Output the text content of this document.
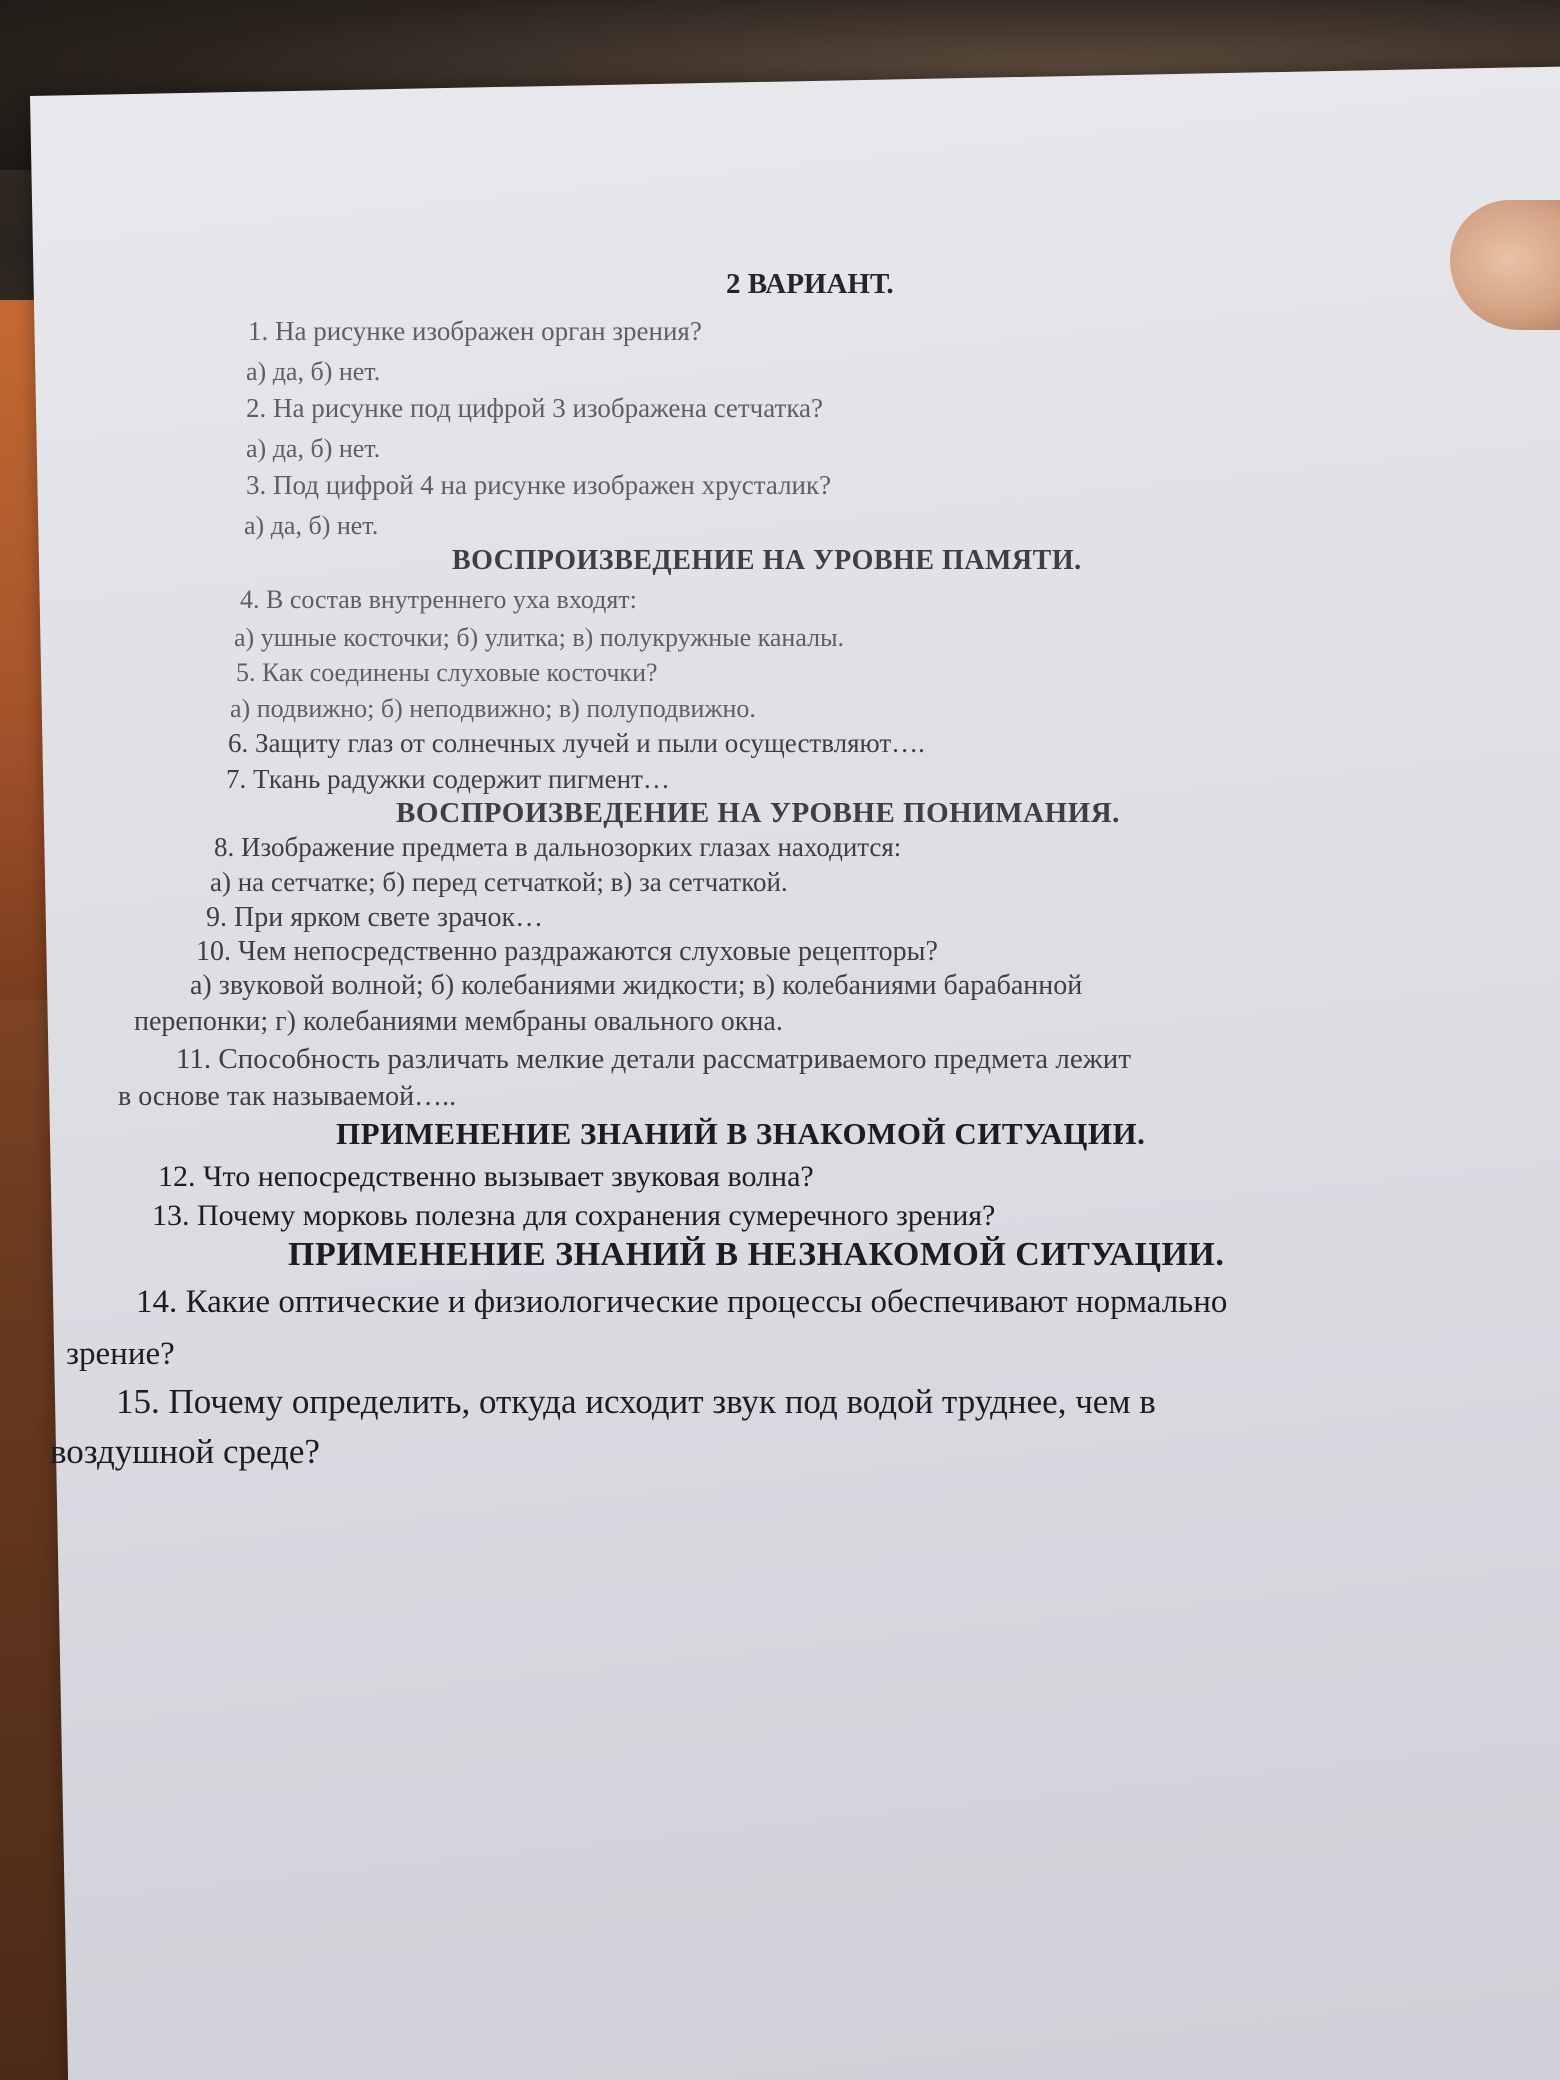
2 ВАРИАНТ.

1. На рисунке изображен орган зрения?

а) да, б) нет.

2. На рисунке под цифрой 3 изображена сетчатка?

а) да, б) нет.

3. Под цифрой 4 на рисунке изображен хрусталик?

а) да, б) нет.

ВОСПРОИЗВЕДЕНИЕ НА УРОВНЕ ПАМЯТИ.

4. В состав внутреннего уха входят:

а) ушные косточки; б) улитка; в) полукружные каналы.

5. Как соединены слуховые косточки?

а) подвижно; б) неподвижно; в) полуподвижно.

6. Защиту глаз от солнечных лучей и пыли осуществляют….

7. Ткань радужки содержит пигмент…

ВОСПРОИЗВЕДЕНИЕ НА УРОВНЕ ПОНИМАНИЯ.

8. Изображение предмета в дальнозорких глазах находится:

а) на сетчатке; б) перед сетчаткой; в) за сетчаткой.

9. При ярком свете зрачок…

10. Чем непосредственно раздражаются слуховые рецепторы?

а) звуковой волной; б) колебаниями жидкости; в) колебаниями барабанной

перепонки; г) колебаниями мембраны овального окна.

11. Способность различать мелкие детали рассматриваемого предмета лежит

в основе так называемой…..

ПРИМЕНЕНИЕ ЗНАНИЙ В ЗНАКОМОЙ СИТУАЦИИ.

12. Что непосредственно вызывает звуковая волна?

13. Почему морковь полезна для сохранения сумеречного зрения?

ПРИМЕНЕНИЕ ЗНАНИЙ В НЕЗНАКОМОЙ СИТУАЦИИ.

14. Какие оптические и физиологические процессы обеспечивают нормально

зрение?

15. Почему определить, откуда исходит звук под водой труднее, чем в

воздушной среде?
